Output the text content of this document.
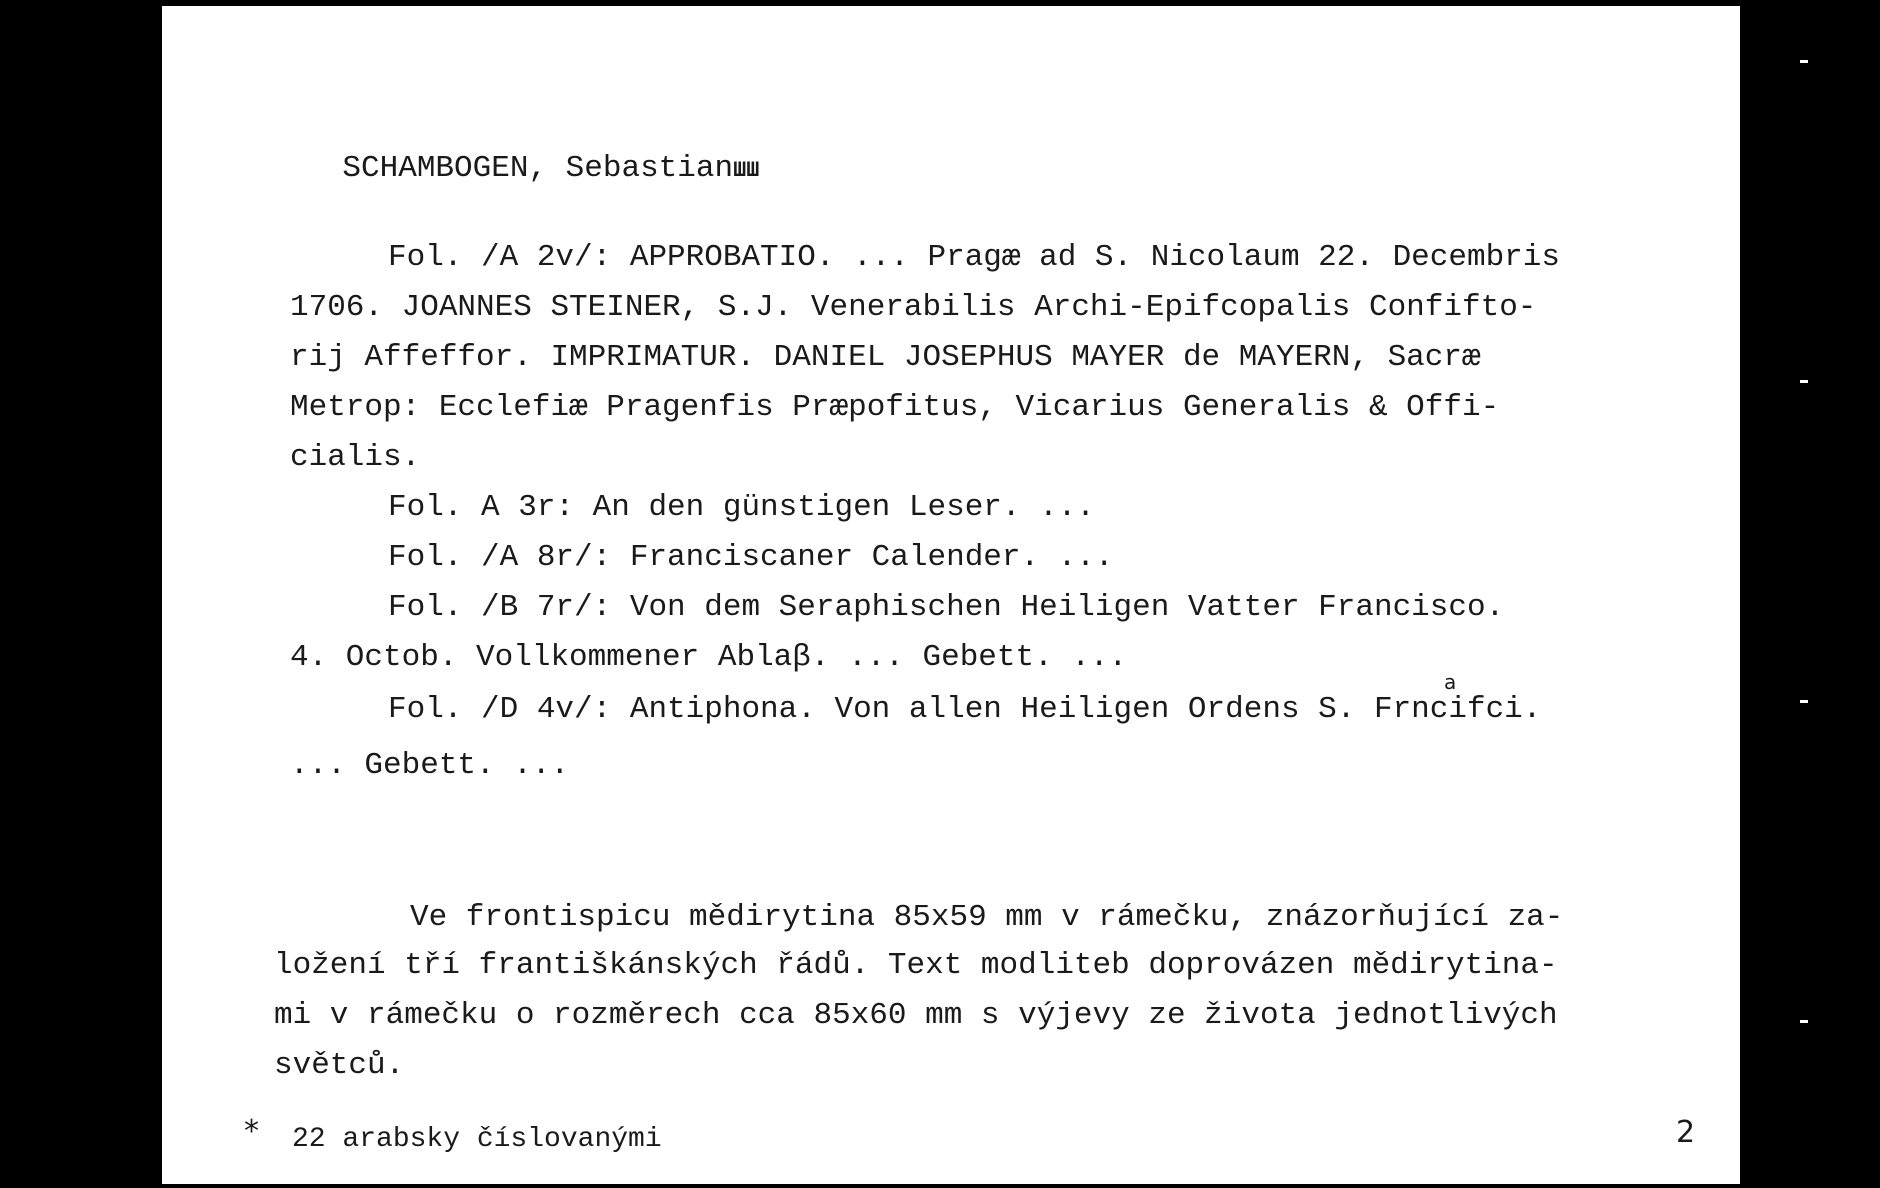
SCHAMBOGEN, SebastianШШ

Fol. /A 2v/: APPROBATIO. ... Pragæ ad S. Nicolaum 22. Decembris
1706. JOANNES STEINER, S.J. Venerabilis Archi-Epifcopalis Confifto-
rij Affeffor. IMPRIMATUR. DANIEL JOSEPHUS MAYER de MAYERN, Sacræ
Metrop: Ecclefiæ Pragenfis Præpofitus, Vicarius Generalis & Offi-
cialis.
Fol. A 3r: An den günstigen Leser. ...
Fol. /A 8r/: Franciscaner Calender. ...
Fol. /B 7r/: Von dem Seraphischen Heiligen Vatter Francisco.
4. Octob. Vollkommener Ablaβ. ... Gebett. ...
a
Fol. /D 4v/: Antiphona. Von allen Heiligen Ordens S. Frncifci.
... Gebett. ...
Ve frontispicu mědirytina 85x59 mm v rámečku, znázorňující za-
ložení tří františkánských řádů. Text modliteb doprovázen mědirytina-
mi v rámečku o rozměrech cca 85x60 mm s výjevy ze života jednotlivých
světců.
* 22 arabsky číslovanými	2
